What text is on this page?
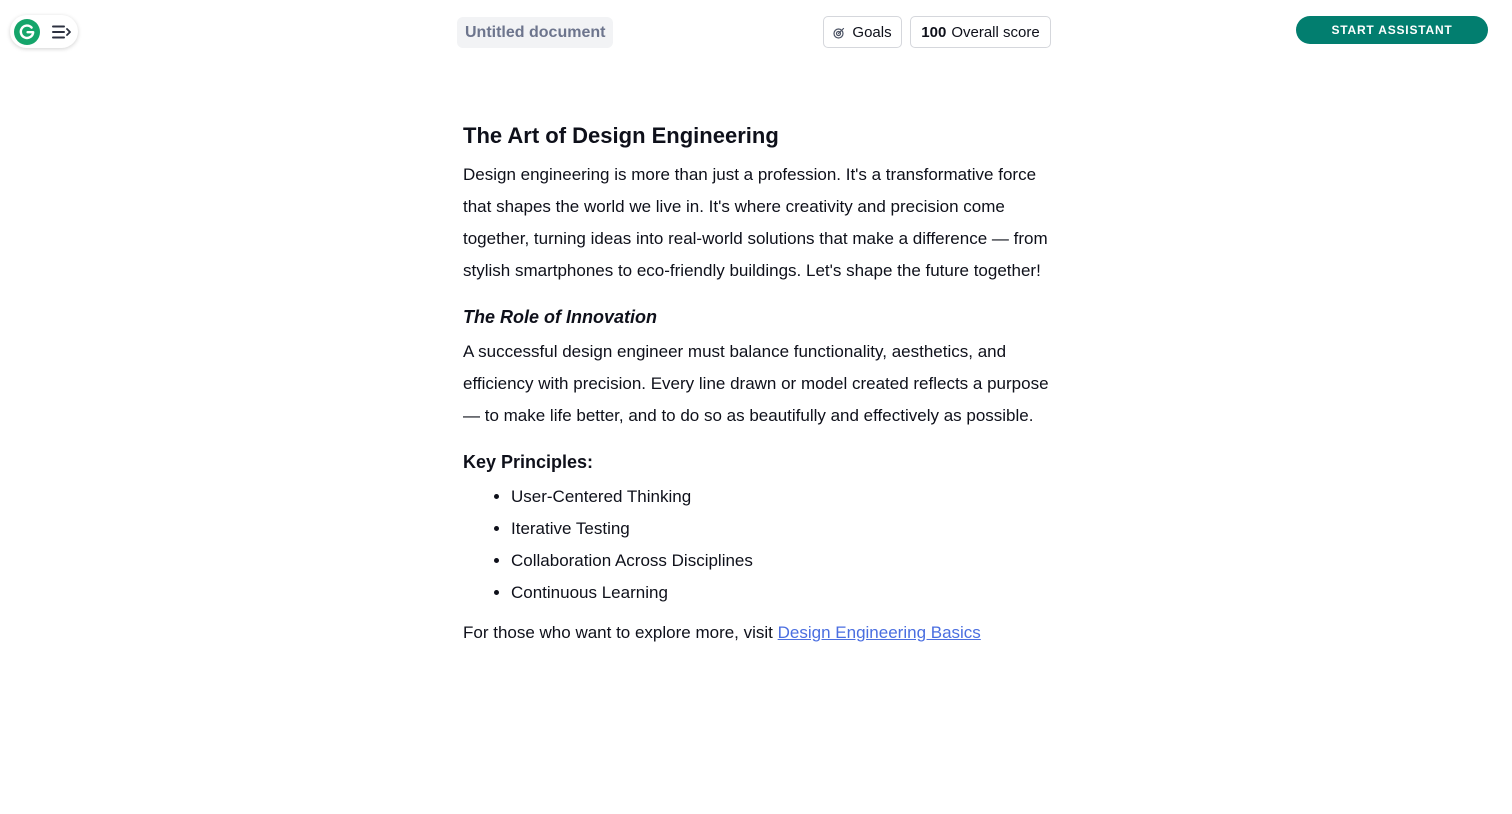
Untitled document	Goals 100 Overall score	START ASSISTANT
The Art of Design Engineering

Design engineering is more than just a profession. It's a transformative force that shapes the world we live in. It's where creativity and precision come together, turning ideas into real-world solutions that make a difference — from stylish smartphones to eco-friendly buildings. Let's shape the future together!

The Role of Innovation

A successful design engineer must balance functionality, aesthetics, and efficiency with precision. Every line drawn or model created reflects a purpose — to make life better, and to do so as beautifully and effectively as possible.

Key Principles:
• User-Centered Thinking
• Iterative Testing
• Collaboration Across Disciplines
• Continuous Learning

For those who want to explore more, visit Design Engineering Basics
